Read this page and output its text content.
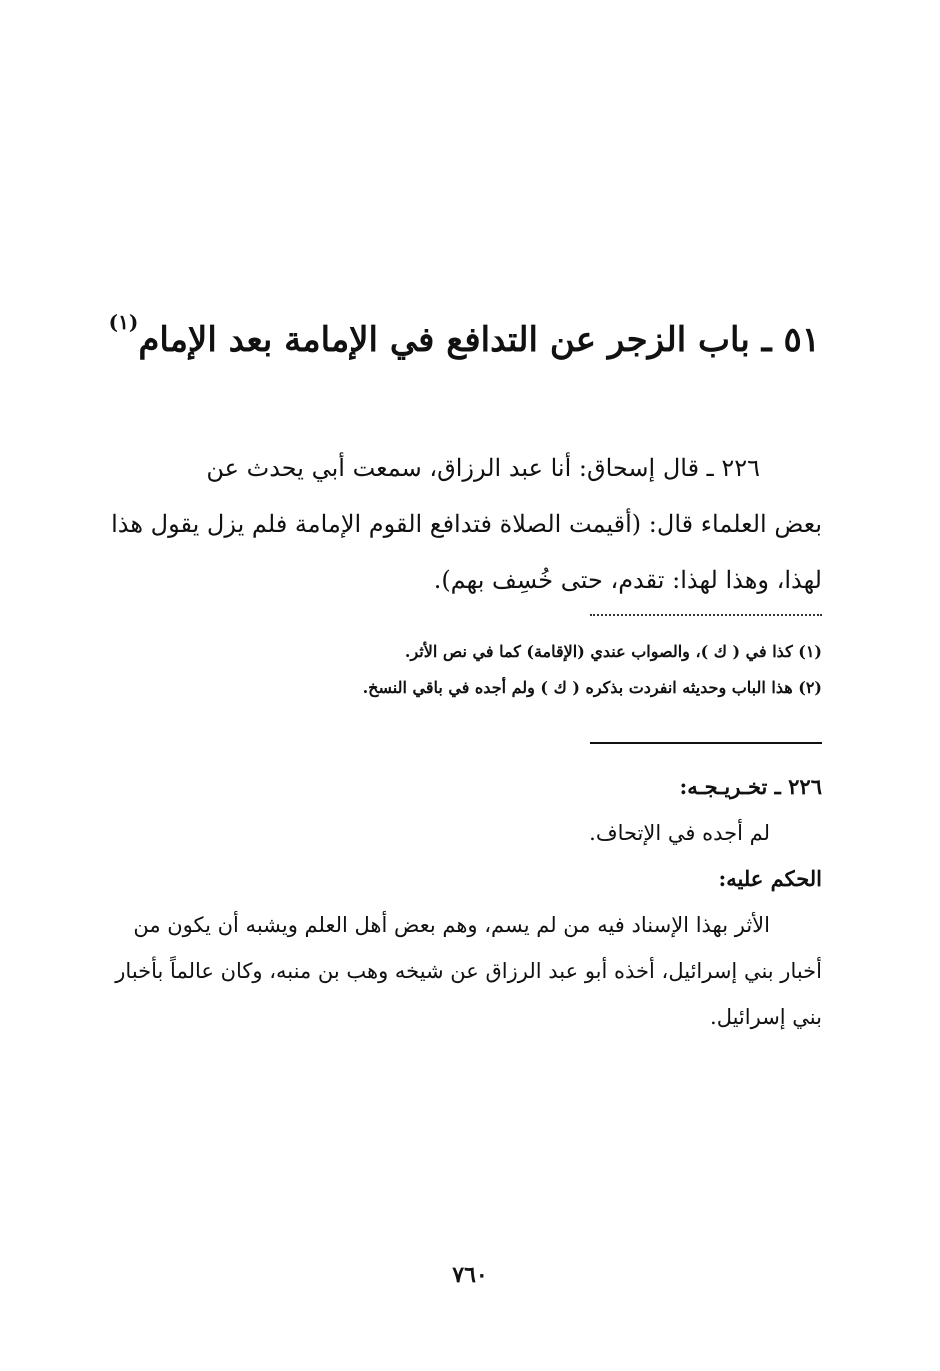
٥١ ـ باب الزجر عن التدافع في الإمامة بعد الإمام$^{(١)}$
٢٢٦ ـ قال إسحاق: أنا عبد الرزاق، سمعت أبي يحدث عن
بعض العلماء قال: (أقيمت الصلاة فتدافع القوم الإمامة فلم يزل يقول هذا
لهذا، وهذا لهذا: تقدم، حتى خُسِف بهم).
(١) كذا في ( ك )، والصواب عندي (الإقامة) كما في نص الأثر.
(٢) هذا الباب وحديثه انفردت بذكره ( ك ) ولم أجده في باقي النسخ.
٢٢٦ ـ تخـريـجـه:
لم أجده في الإتحاف.
الحكم عليه:
الأثر بهذا الإسناد فيه من لم يسم، وهم بعض أهل العلم ويشبه أن يكون من
أخبار بني إسرائيل، أخذه أبو عبد الرزاق عن شيخه وهب بن منبه، وكان عالماً بأخبار
بني إسرائيل.
٧٦٠
